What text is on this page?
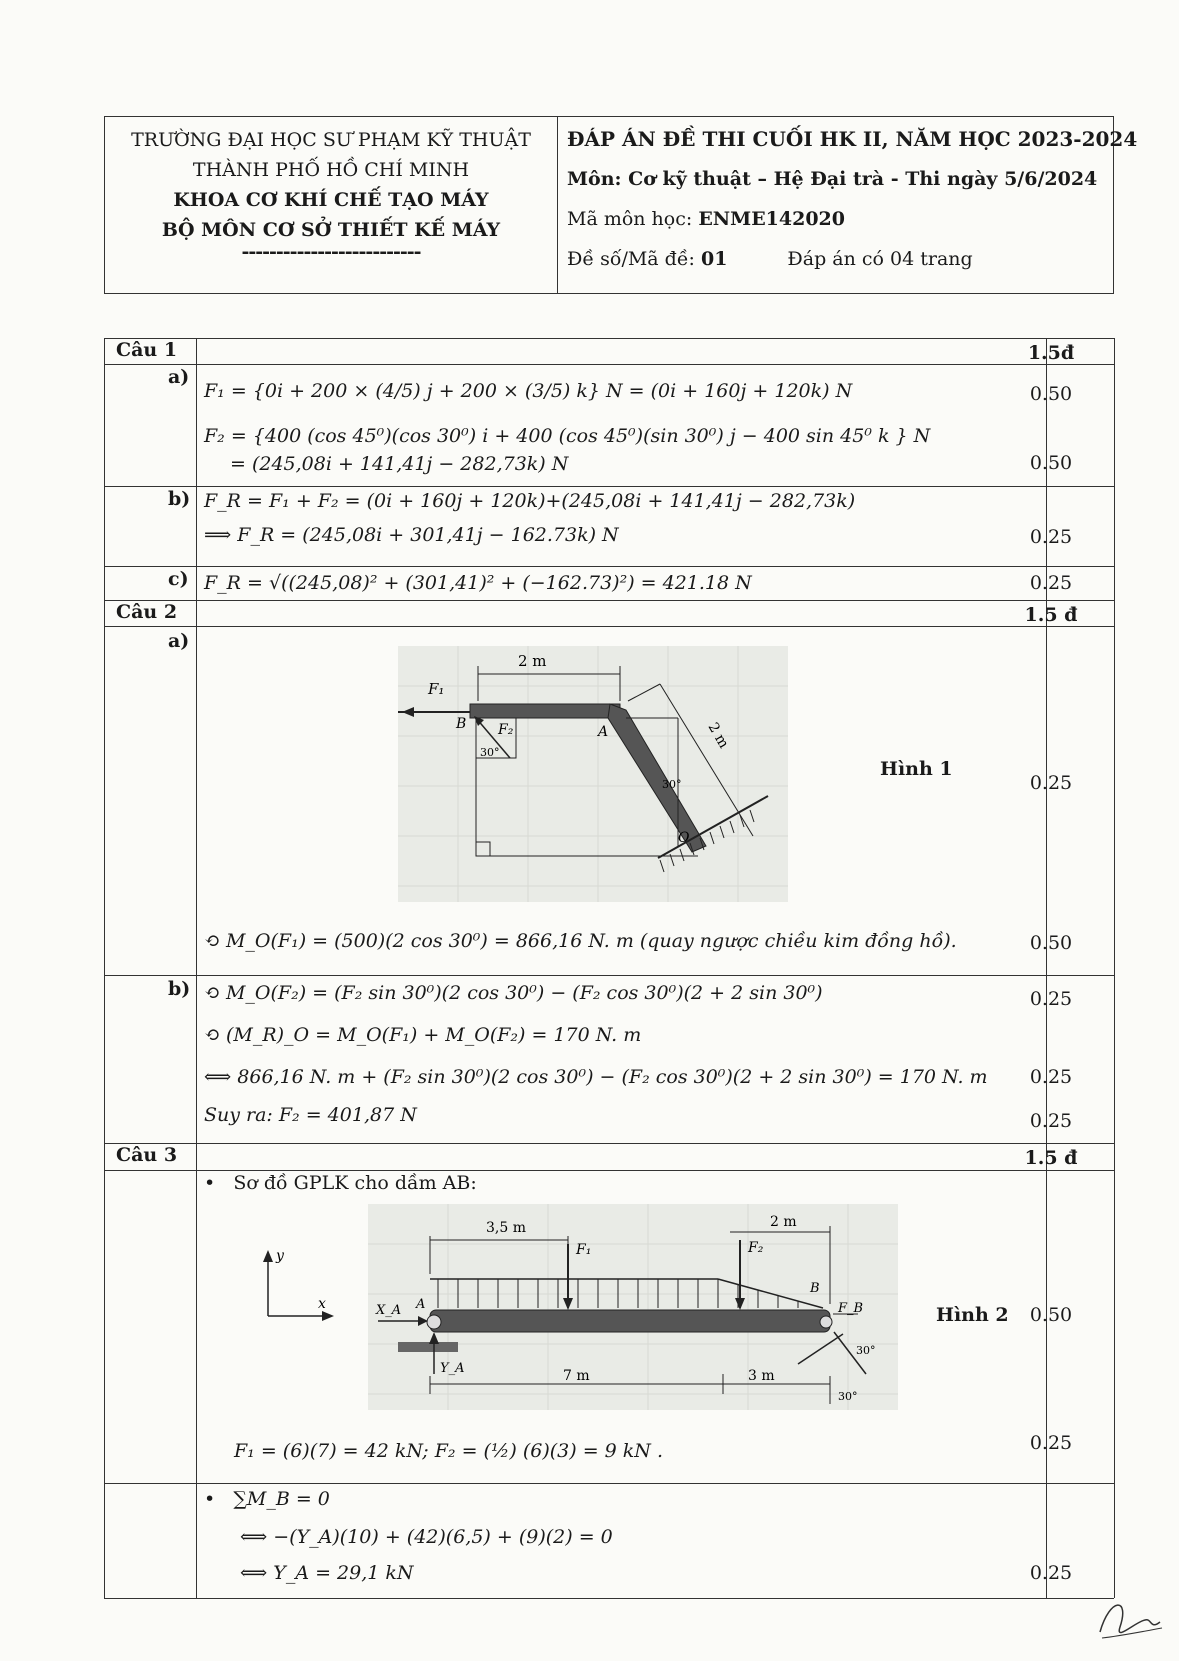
TRƯỜNG ĐẠI HỌC SƯ PHẠM KỸ THUẬT
THÀNH PHỐ HỒ CHÍ MINH
KHOA CƠ KHÍ CHẾ TẠO MÁY
BỘ MÔN CƠ SỞ THIẾT KẾ MÁY
--------------------------
ĐÁP ÁN ĐỀ THI CUỐI HK II, NĂM HỌC 2023-2024
Môn: Cơ kỹ thuật – Hệ Đại trà - Thi ngày 5/6/2024
Mã môn học: ENME142020
Đề số/Mã đề: 01	Đáp án có 04 trang
Câu 1	1.5đ
a)
F₁ = {0i + 200 × (4/5) j + 200 × (3/5) k} N = (0i + 160j + 120k) N	0.50
F₂ = {400 (cos 45⁰)(cos 30⁰) i + 400 (cos 45⁰)(sin 30⁰) j − 400 sin 45⁰ k } N
= (245,08i + 141,41j − 282,73k) N	0.50
b) F_R = F₁ + F₂ = (0i + 160j + 120k)+(245,08i + 141,41j − 282,73k)
⟹ F_R = (245,08i + 301,41j − 162.73k) N	0.25
c) F_R = √((245,08)² + (301,41)² + (−162.73)²) = 421.18 N	0.25
Câu 2	1.5 đ
a)
2 m
2 m
F₁
F₂
B	A
O
30°
30°
Hình 1
0.25
⟲ M_O(F₁) = (500)(2 cos 30⁰) = 866,16 N. m (quay ngược chiều kim đồng hồ).	0.50
b) ⟲ M_O(F₂) = (F₂ sin 30⁰)(2 cos 30⁰) − (F₂ cos 30⁰)(2 + 2 sin 30⁰)	0.25
⟲ (M_R)_O = M_O(F₁) + M_O(F₂) = 170 N. m
⟺ 866,16 N. m + (F₂ sin 30⁰)(2 cos 30⁰) − (F₂ cos 30⁰)(2 + 2 sin 30⁰) = 170 N. m	0.25
Suy ra: F₂ = 401,87 N	0.25
Câu 3	1.5 đ
•   Sơ đồ GPLK cho dầm AB:
3,5 m	2 m
7 m	3 m
F₁	F₂
F_B
X_A
Y_A
A
B
30°
30°
y
x	Hình 2	0.50
F₁ = (6)(7) = 42 kN; F₂ = (½) (6)(3) = 9 kN .	0.25
•   ∑M_B = 0
⟺ −(Y_A)(10) + (42)(6,5) + (9)(2) = 0
⟺ Y_A = 29,1 kN	0.25
